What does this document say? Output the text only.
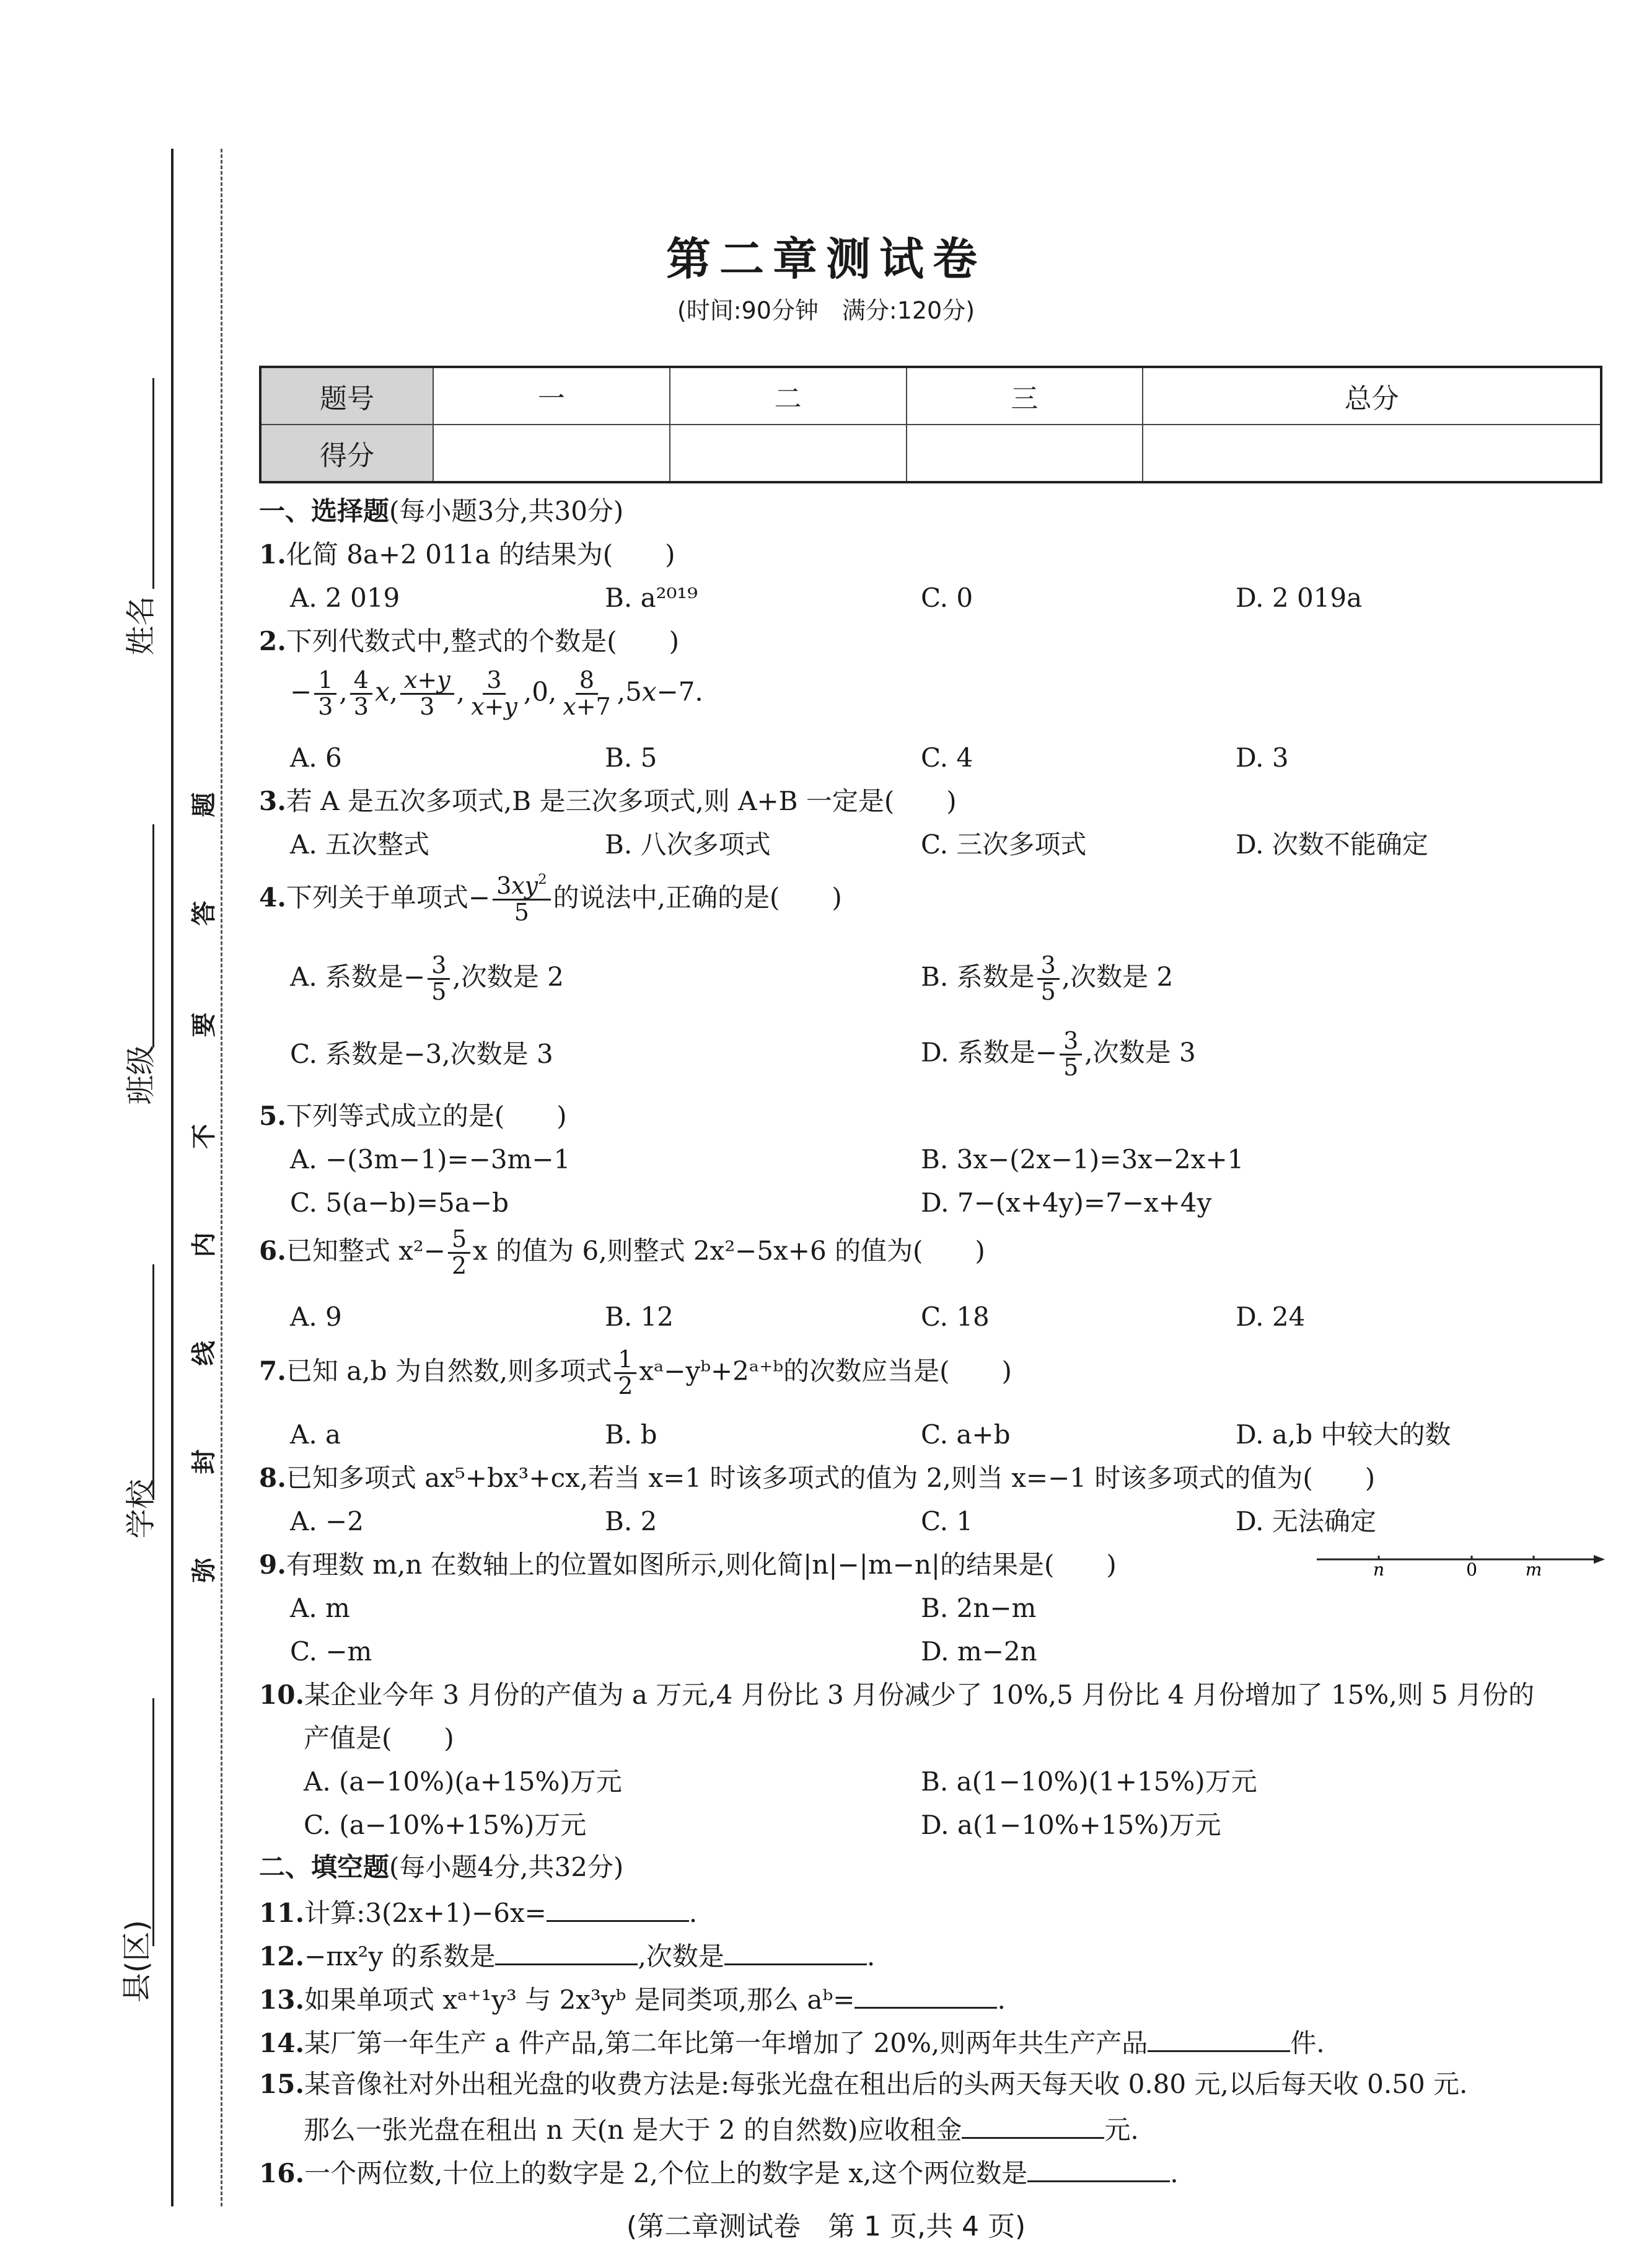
姓名
班级
学校
县(区)
题
答
要
不
内
线
封
弥
第二章测试卷
(时间:90分钟　满分:120分)
题号	一	二	三	总分
得分				
一、选择题(每小题3分,共30分)
1.化简 8a+2 011a 的结果为(　　)
A. 2 019	B. a²⁰¹⁹	C. 0	D. 2 019a
2.下列代数式中,整式的个数是(　　)
− $\frac{1}{3}$ , $\frac{4}{3} x$, $\frac{x+y}{3}$ , $\frac{3}{x+y} ,0$, $\frac{8}{x+7} ,5x-7$.
A. 6	B. 5	C. 4	D. 3
3.若 A 是五次多项式,B 是三次多项式,则 A+B 一定是(　　)
A. 五次整式	B. 八次多项式	C. 三次多项式	D. 次数不能确定
4.下列关于单项式− $\frac{3xy^2}{5}$ 的说法中,正确的是(　　)
A. 系数是− $\frac{3}{5}$ ,次数是 2	B. 系数是 $\frac{3}{5}$ ,次数是 2
C. 系数是−3,次数是 3	D. 系数是− $\frac{3}{5}$ ,次数是 3
5.下列等式成立的是(　　)
A. −(3m−1)=−3m−1	B. 3x−(2x−1)=3x−2x+1
C. 5(a−b)=5a−b	D. 7−(x+4y)=7−x+4y
6.已知整式 $x^2- \frac{5}{2}$ x 的值为 6,则整式 2x²−5x+6 的值为(　　)
A. 9	B. 12	C. 18	D. 24
7.已知 a,b 为自然数,则多项式 $\frac{1}{2}$ xᵃ−yᵇ+2ᵃ⁺ᵇ的次数应当是(　　)
A. a	B. b	C. a+b	D. a,b 中较大的数
8.已知多项式 ax⁵+bx³+cx,若当 x=1 时该多项式的值为 2,则当 x=−1 时该多项式的值为(　　)
A. −2	B. 2	C. 1	D. 无法确定
9.有理数 m,n 在数轴上的位置如图所示,则化简|n|−|m−n|的结果是(　　)	n	0	m
A. m	B. 2n−m
C. −m	D. m−2n
10.某企业今年 3 月份的产值为 a 万元,4 月份比 3 月份减少了 10%,5 月份比 4 月份增加了 15%,则 5 月份的
产值是(　　)
A. (a−10%)(a+15%)万元	B. a(1−10%)(1+15%)万元
C. (a−10%+15%)万元	D. a(1−10%+15%)万元
二、填空题(每小题4分,共32分)
11.计算:3(2x+1)−6x=	.
12.−πx²y 的系数是	,次数是	.
13.如果单项式 xᵃ⁺¹y³ 与 2x³yᵇ 是同类项,那么 aᵇ=	.
14.某厂第一年生产 a 件产品,第二年比第一年增加了 20%,则两年共生产产品	件.
15.某音像社对外出租光盘的收费方法是:每张光盘在租出后的头两天每天收 0.80 元,以后每天收 0.50 元.
那么一张光盘在租出 n 天(n 是大于 2 的自然数)应收租金	元.
16.一个两位数,十位上的数字是 2,个位上的数字是 x,这个两位数是	.
(第二章测试卷　第 1 页,共 4 页)
